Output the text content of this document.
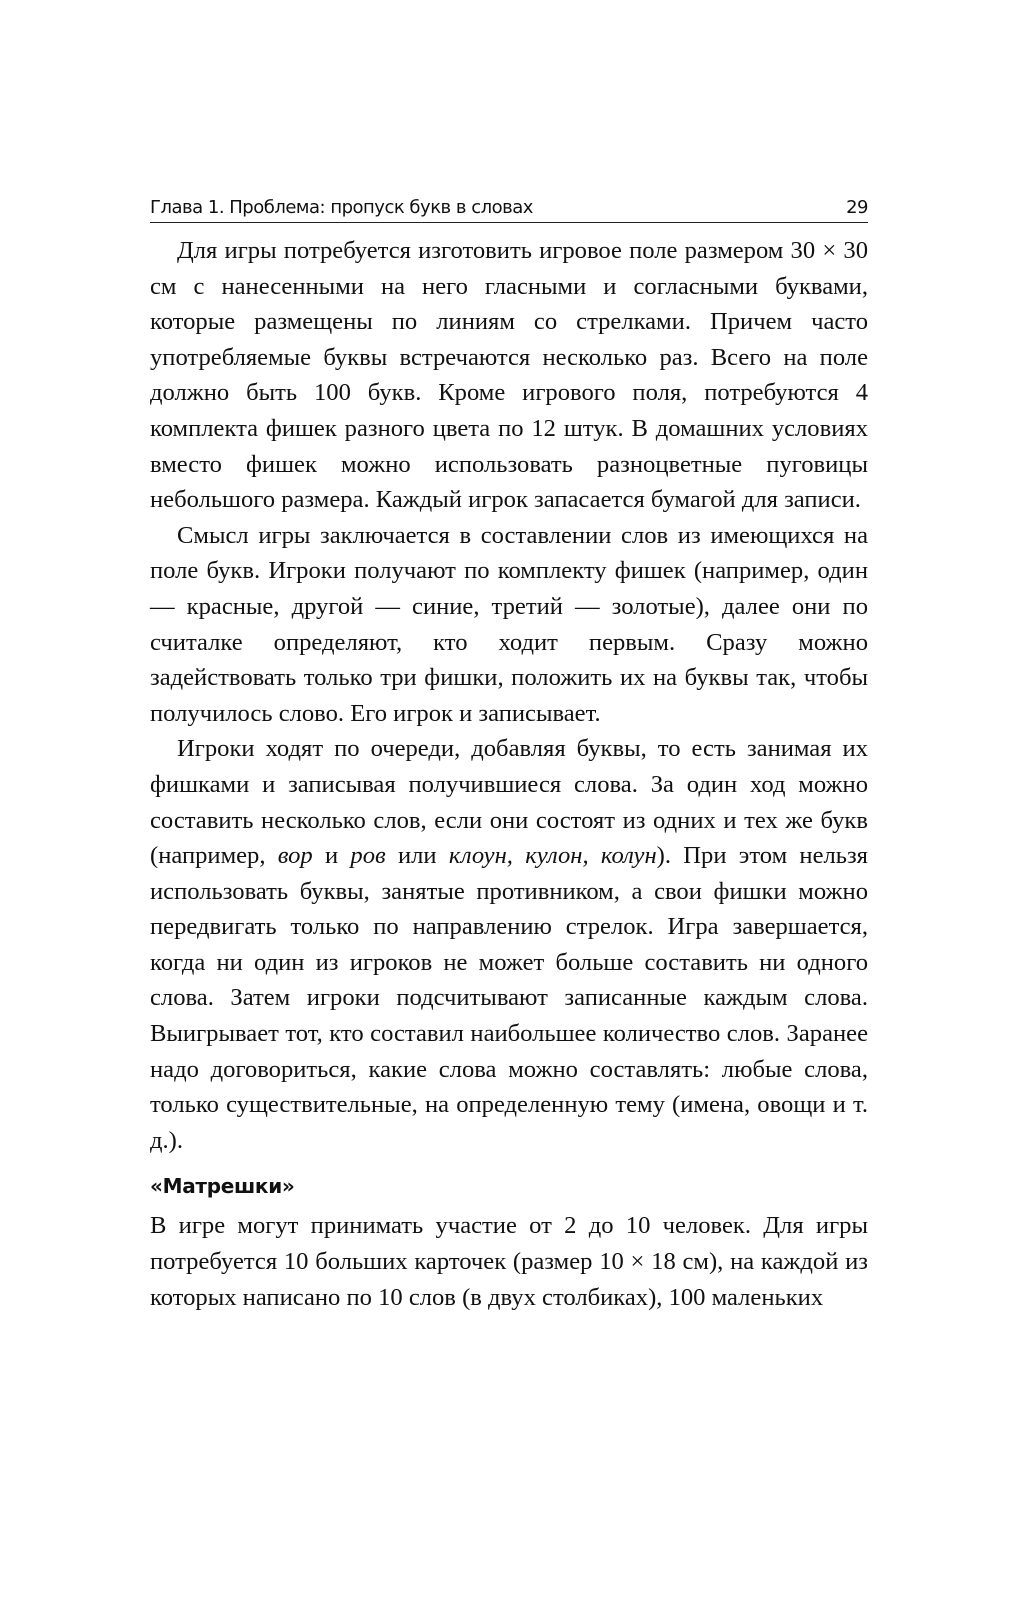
Глава 1. Проблема: пропуск букв в словах	29

Для игры потребуется изготовить игровое поле размером 30 × 30 см с нанесенными на него гласными и согласными буквами, которые размещены по линиям со стрелками. Причем часто употребляемые буквы встречаются несколько раз. Всего на поле должно быть 100 букв. Кроме игрового поля, потребуются 4 комплекта фишек разного цвета по 12 штук. В домашних условиях вместо фишек можно использовать разноцветные пуговицы небольшого размера. Каждый игрок запасается бумагой для записи.

Смысл игры заключается в составлении слов из имеющихся на поле букв. Игроки получают по комплекту фишек (например, один — красные, другой — синие, третий — золотые), далее они по считалке определяют, кто ходит первым. Сразу можно задействовать только три фишки, положить их на буквы так, чтобы получилось слово. Его игрок и записывает.

Игроки ходят по очереди, добавляя буквы, то есть занимая их фишками и записывая получившиеся слова. За один ход можно составить несколько слов, если они состоят из одних и тех же букв (например, вор и ров или клоун, кулон, колун). При этом нельзя использовать буквы, занятые противником, а свои фишки можно передвигать только по направлению стрелок. Игра завершается, когда ни один из игроков не может больше составить ни одного слова. Затем игроки подсчитывают записанные каждым слова. Выигрывает тот, кто составил наибольшее количество слов. Заранее надо договориться, какие слова можно составлять: любые слова, только существительные, на определенную тему (имена, овощи и т. д.).

«Матрешки»

В игре могут принимать участие от 2 до 10 человек. Для игры потребуется 10 больших карточек (размер 10 × 18 см), на каждой из которых написано по 10 слов (в двух столбиках), 100 маленьких
